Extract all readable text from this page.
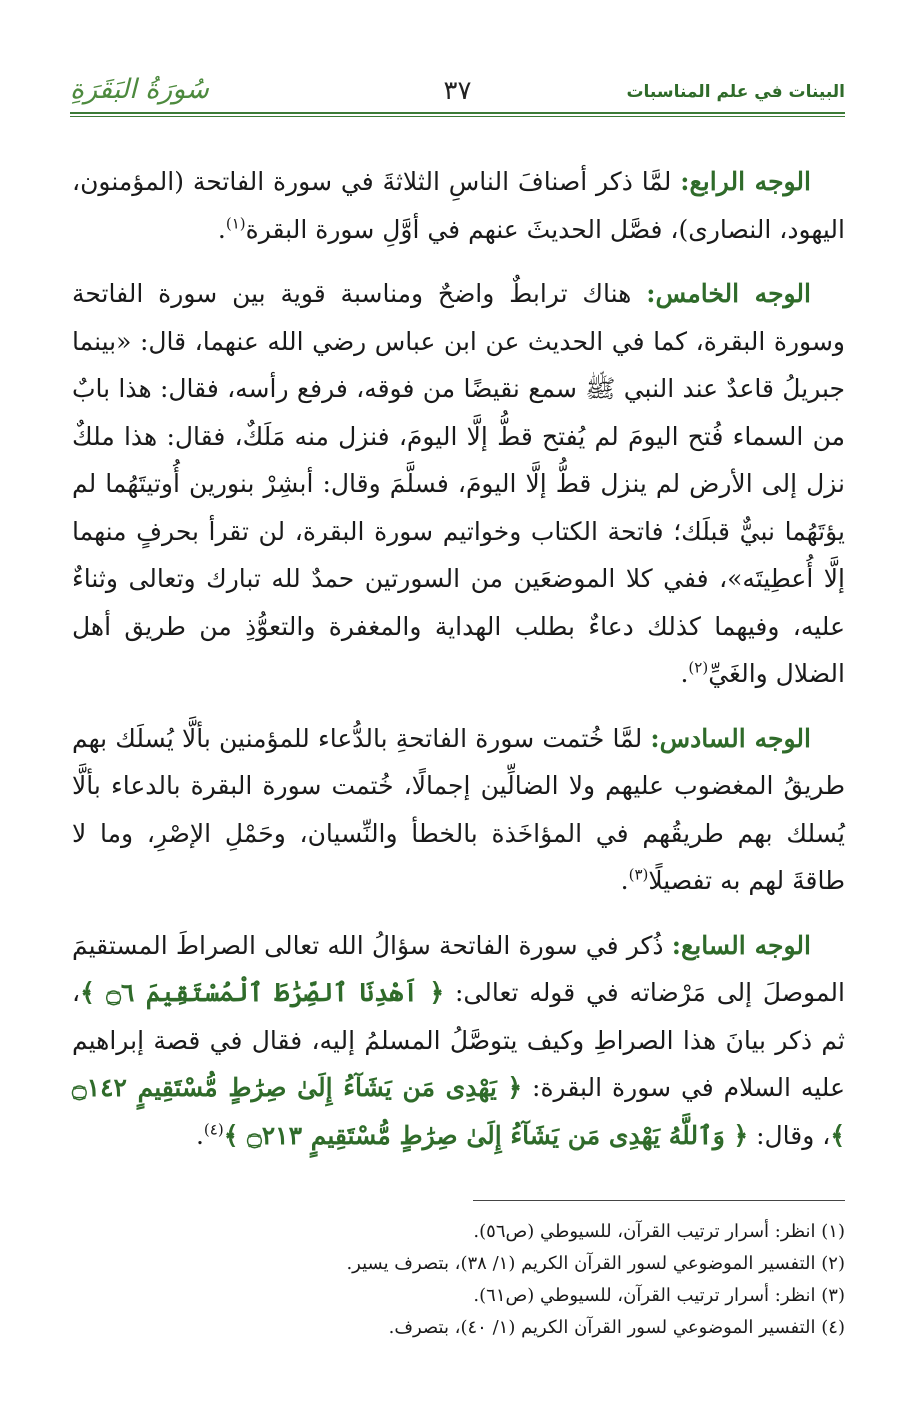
البينات في علم المناسبات
٣٧
سُورَةُ البَقَرَةِ

الوجه الرابع: لمَّا ذكر أصنافَ الناسِ الثلاثةَ في سورة الفاتحة (المؤمنون، اليهود، النصارى)، فصَّل الحديثَ عنهم في أوَّلِ سورة البقرة$^{(١)}$.

الوجه الخامس: هناك ترابطٌ واضحٌ ومناسبة قوية بين سورة الفاتحة وسورة البقرة، كما في الحديث عن ابن عباس رضي الله عنهما، قال: «بينما جبريلُ قاعدٌ عند النبي ﷺ سمع نقيضًا من فوقه، فرفع رأسه، فقال: هذا بابٌ من السماء فُتح اليومَ لم يُفتح قطُّ إلَّا اليومَ، فنزل منه مَلَكٌ، فقال: هذا ملكٌ نزل إلى الأرض لم ينزل قطُّ إلَّا اليومَ، فسلَّمَ وقال: أبشِرْ بنورين أُوتيتَهُما لم يؤتَهُما نبيٌّ قبلَك؛ فاتحة الكتاب وخواتيم سورة البقرة، لن تقرأ بحرفٍ منهما إلَّا أُعطِيتَه»، ففي كلا الموضعَين من السورتين حمدٌ لله تبارك وتعالى وثناءٌ عليه، وفيهما كذلك دعاءٌ بطلب الهداية والمغفرة والتعوُّذِ من طريق أهل الضلال والغَيِّ$^{(٢)}$.

الوجه السادس: لمَّا خُتمت سورة الفاتحةِ بالدُّعاء للمؤمنين بألَّا يُسلَك بهم طريقُ المغضوب عليهم ولا الضالِّين إجمالًا، خُتمت سورة البقرة بالدعاء بألَّا يُسلك بهم طريقُهم في المؤاخَذة بالخطأ والنِّسيان، وحَمْلِ الإصْرِ، وما لا طاقةَ لهم به تفصيلًا$^{(٣)}$.

الوجه السابع: ذُكر في سورة الفاتحة سؤالُ الله تعالى الصراطَ المستقيمَ الموصلَ إلى مَرْضاته في قوله تعالى: ﴿ اَهْدِنَا ٱلصِّرَٰطَ ٱلْمُسْتَقِيمَ ۝٦ ﴾، ثم ذكر بيانَ هذا الصراطِ وكيف يتوصَّلُ المسلمُ إليه، فقال في قصة إبراهيم عليه السلام في سورة البقرة: ﴿ يَهْدِى مَن يَشَآءُ إِلَىٰ صِرَٰطٍ مُّسْتَقِيمٍ ۝١٤٢ ﴾، وقال: ﴿ وَٱللَّهُ يَهْدِى مَن يَشَآءُ إِلَىٰ صِرَٰطٍ مُّسْتَقِيمٍ ۝٢١٣ ﴾$^{(٤)}$.

(١) انظر: أسرار ترتيب القرآن، للسيوطي (ص٥٦).
(٢) التفسير الموضوعي لسور القرآن الكريم (١/ ٣٨)، بتصرف يسير.
(٣) انظر: أسرار ترتيب القرآن، للسيوطي (ص٦١).
(٤) التفسير الموضوعي لسور القرآن الكريم (١/ ٤٠)، بتصرف.
